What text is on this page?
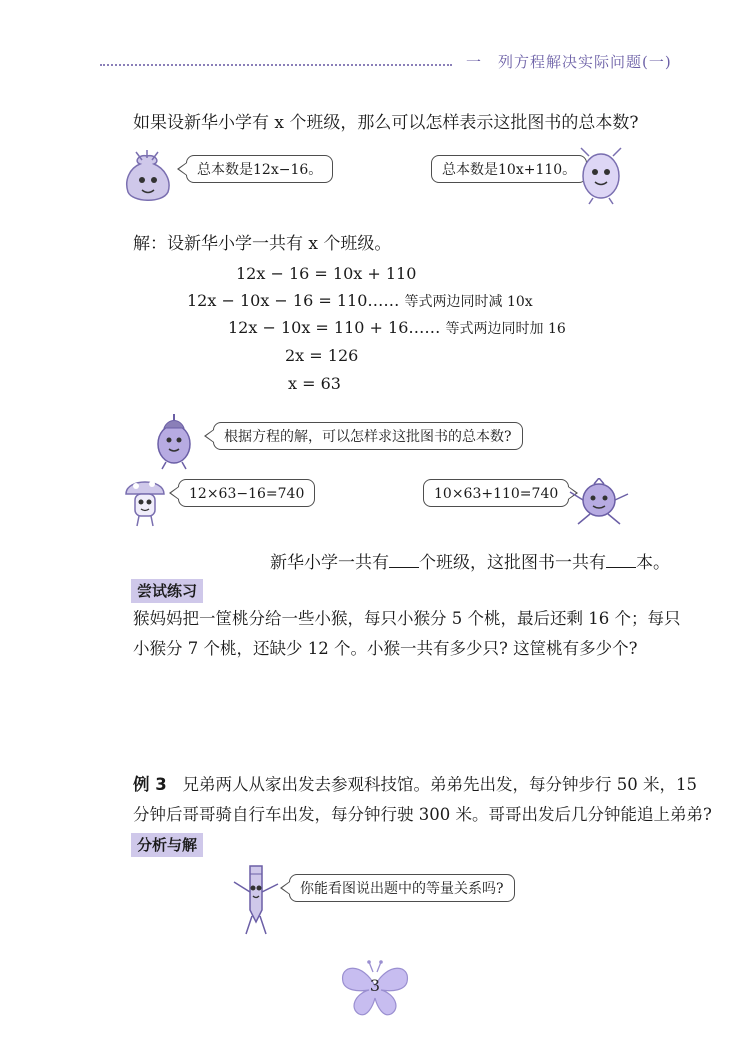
一　列方程解决实际问题(一)
如果设新华小学有 x 个班级，那么可以怎样表示这批图书的总本数?
总本数是12x−16。	总本数是10x+110。
解：设新华小学一共有 x 个班级。
12x − 16 = 10x + 110
12x − 10x − 16 = 110…… 等式两边同时减 10x
12x − 10x = 110 + 16…… 等式两边同时加 16
2x = 126
x = 63
根据方程的解，可以怎样求这批图书的总本数?
12×63−16=740	10×63+110=740
新华小学一共有 个班级，这批图书一共有 本。
尝试练习
猴妈妈把一筐桃分给一些小猴，每只小猴分 5 个桃，最后还剩 16 个；每只
小猴分 7 个桃，还缺少 12 个。小猴一共有多少只? 这筐桃有多少个?
例 3 兄弟两人从家出发去参观科技馆。弟弟先出发，每分钟步行 50 米，15
分钟后哥哥骑自行车出发，每分钟行驶 300 米。哥哥出发后几分钟能追上弟弟?
分析与解
你能看图说出题中的等量关系吗?
3
